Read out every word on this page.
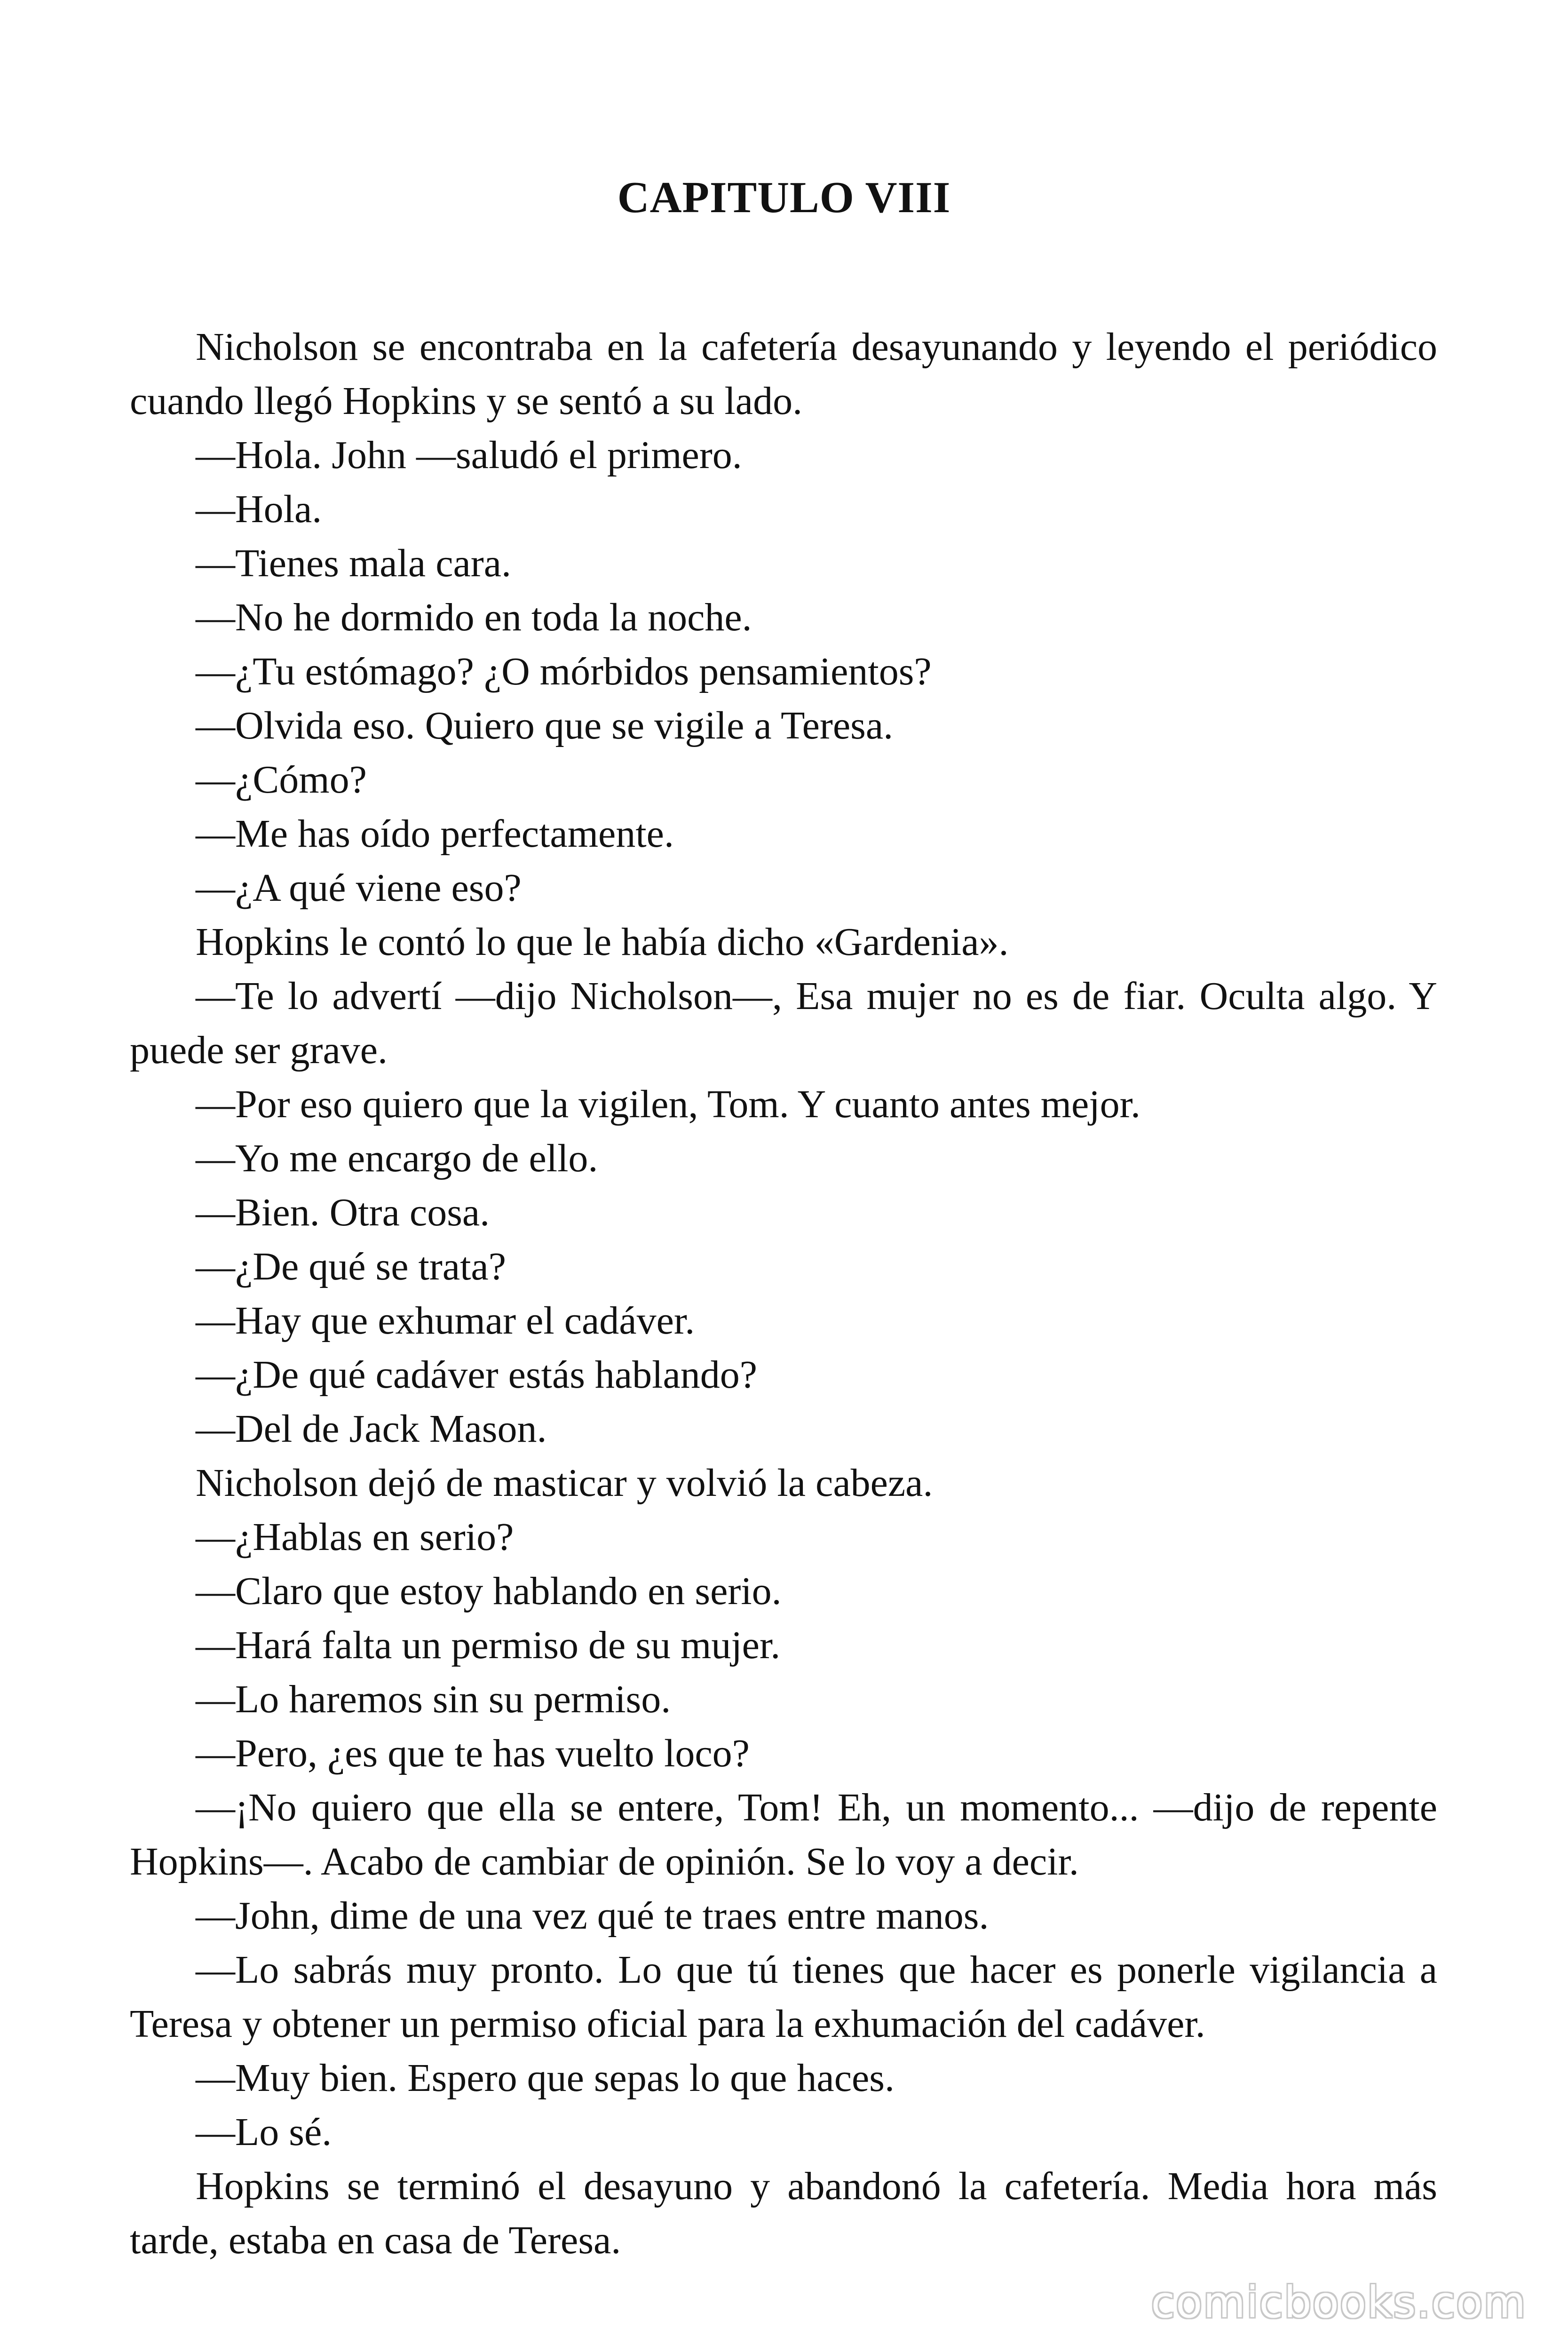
CAPITULO VIII

Nicholson se encontraba en la cafetería desayunando y leyendo el periódico cuando llegó Hopkins y se sentó a su lado.

—Hola. John —saludó el primero.

—Hola.

—Tienes mala cara.

—No he dormido en toda la noche.

—¿Tu estómago? ¿O mórbidos pensamientos?

—Olvida eso. Quiero que se vigile a Teresa.

—¿Cómo?

—Me has oído perfectamente.

—¿A qué viene eso?

Hopkins le contó lo que le había dicho «Gardenia».

—Te lo advertí —dijo Nicholson—, Esa mujer no es de fiar. Oculta algo. Y puede ser grave.

—Por eso quiero que la vigilen, Tom. Y cuanto antes mejor.

—Yo me encargo de ello.

—Bien. Otra cosa.

—¿De qué se trata?

—Hay que exhumar el cadáver.

—¿De qué cadáver estás hablando?

—Del de Jack Mason.

Nicholson dejó de masticar y volvió la cabeza.

—¿Hablas en serio?

—Claro que estoy hablando en serio.

—Hará falta un permiso de su mujer.

—Lo haremos sin su permiso.

—Pero, ¿es que te has vuelto loco?

—¡No quiero que ella se entere, Tom! Eh, un momento... —dijo de repente Hopkins—. Acabo de cambiar de opinión. Se lo voy a decir.

—John, dime de una vez qué te traes entre manos.

—Lo sabrás muy pronto. Lo que tú tienes que hacer es ponerle vigilancia a Teresa y obtener un permiso oficial para la exhumación del cadáver.

—Muy bien. Espero que sepas lo que haces.

—Lo sé.

Hopkins se terminó el desayuno y abandonó la cafetería. Media hora más tarde, estaba en casa de Teresa.

comicbooks.com
